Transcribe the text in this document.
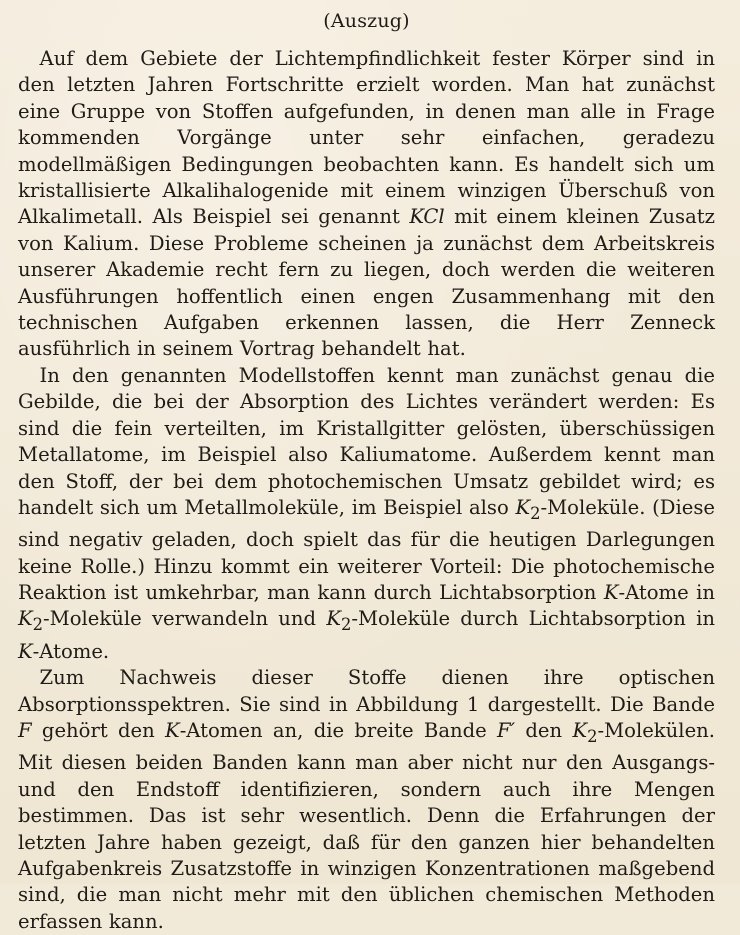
(Auszug)

Auf dem Gebiete der Lichtempfindlichkeit fester Körper sind in den letzten Jahren Fortschritte erzielt worden. Man hat zunächst eine Gruppe von Stoffen aufgefunden, in denen man alle in Frage kommenden Vorgänge unter sehr einfachen, geradezu modellmäßigen Bedingungen beobachten kann. Es handelt sich um kristallisierte Alkalihalogenide mit einem winzigen Überschuß von Alkalimetall. Als Beispiel sei genannt KCl mit einem kleinen Zusatz von Kalium. Diese Probleme scheinen ja zunächst dem Arbeitskreis unserer Akademie recht fern zu liegen, doch werden die weiteren Ausführungen hoffentlich einen engen Zusammenhang mit den technischen Aufgaben erkennen lassen, die Herr Zenneck ausführlich in seinem Vortrag behandelt hat.

In den genannten Modellstoffen kennt man zunächst genau die Gebilde, die bei der Absorption des Lichtes verändert werden: Es sind die fein verteilten, im Kristallgitter gelösten, überschüssigen Metallatome, im Beispiel also Kaliumatome. Außerdem kennt man den Stoff, der bei dem photochemischen Umsatz gebildet wird; es handelt sich um Metallmoleküle, im Beispiel also $K_2$-Moleküle. (Diese sind negativ geladen, doch spielt das für die heutigen Darlegungen keine Rolle.) Hinzu kommt ein weiterer Vorteil: Die photochemische Reaktion ist umkehrbar, man kann durch Lichtabsorption K-Atome in $K_2$-Moleküle verwandeln und $K_2$-Moleküle durch Lichtabsorption in K-Atome.

Zum Nachweis dieser Stoffe dienen ihre optischen Absorptionsspektren. Sie sind in Abbildung 1 dargestellt. Die Bande F gehört den K-Atomen an, die breite Bande F′ den $K_2$-Molekülen. Mit diesen beiden Banden kann man aber nicht nur den Ausgangs- und den Endstoff identifizieren, sondern auch ihre Mengen bestimmen. Das ist sehr wesentlich. Denn die Erfahrungen der letzten Jahre haben gezeigt, daß für den ganzen hier behandelten Aufgabenkreis Zusatzstoffe in winzigen Konzentrationen maßgebend sind, die man nicht mehr mit den üblichen chemischen Methoden erfassen kann.
